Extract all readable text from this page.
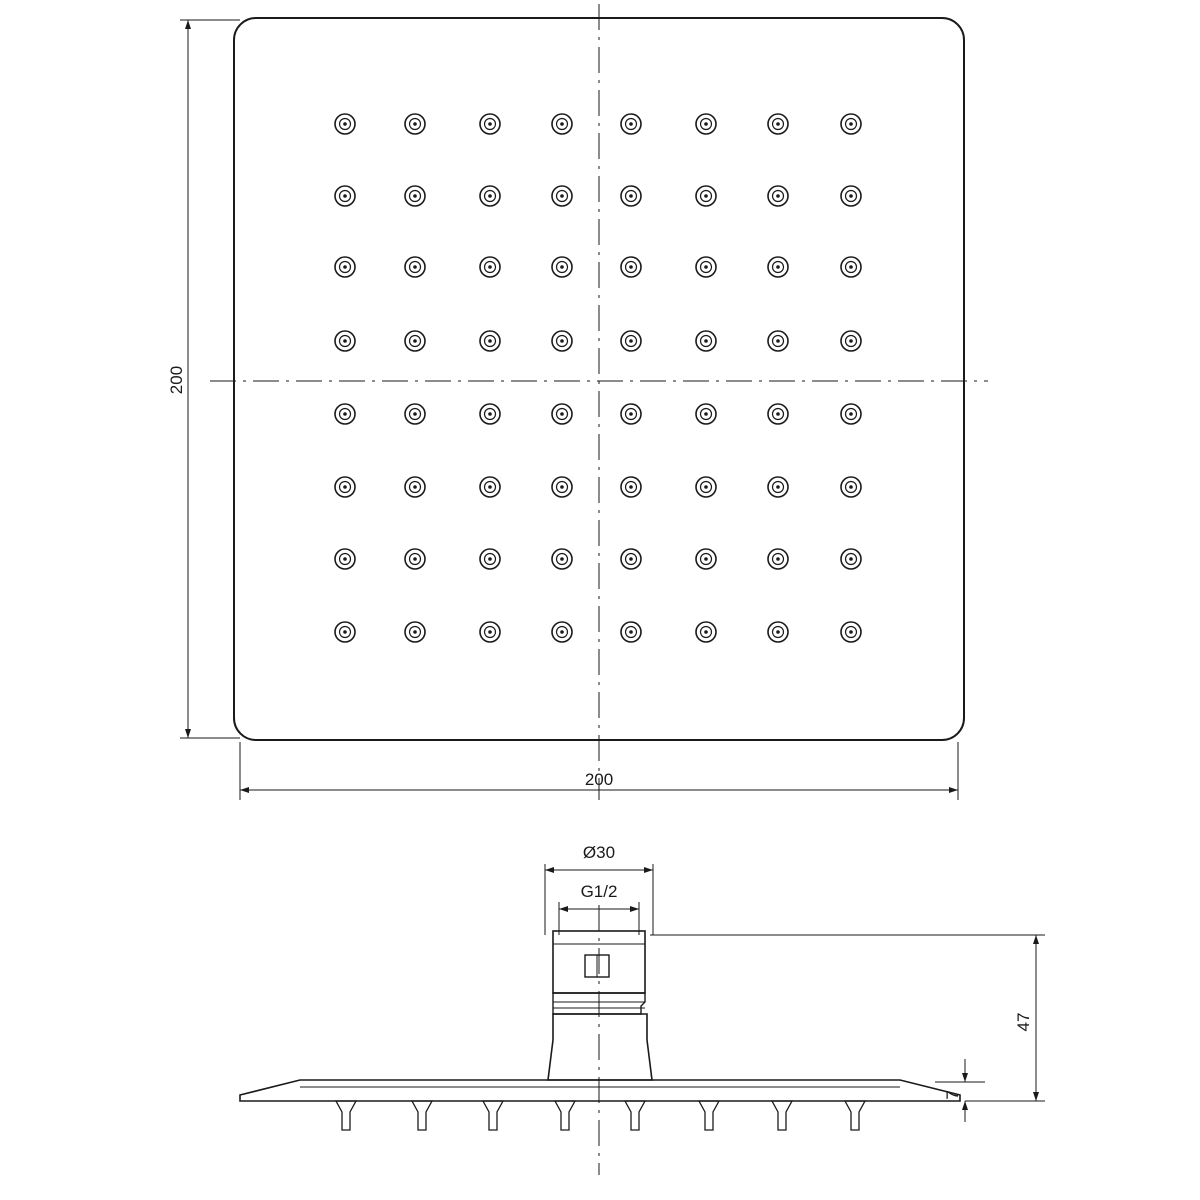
200
200
Ø30
G1/2
47
7
